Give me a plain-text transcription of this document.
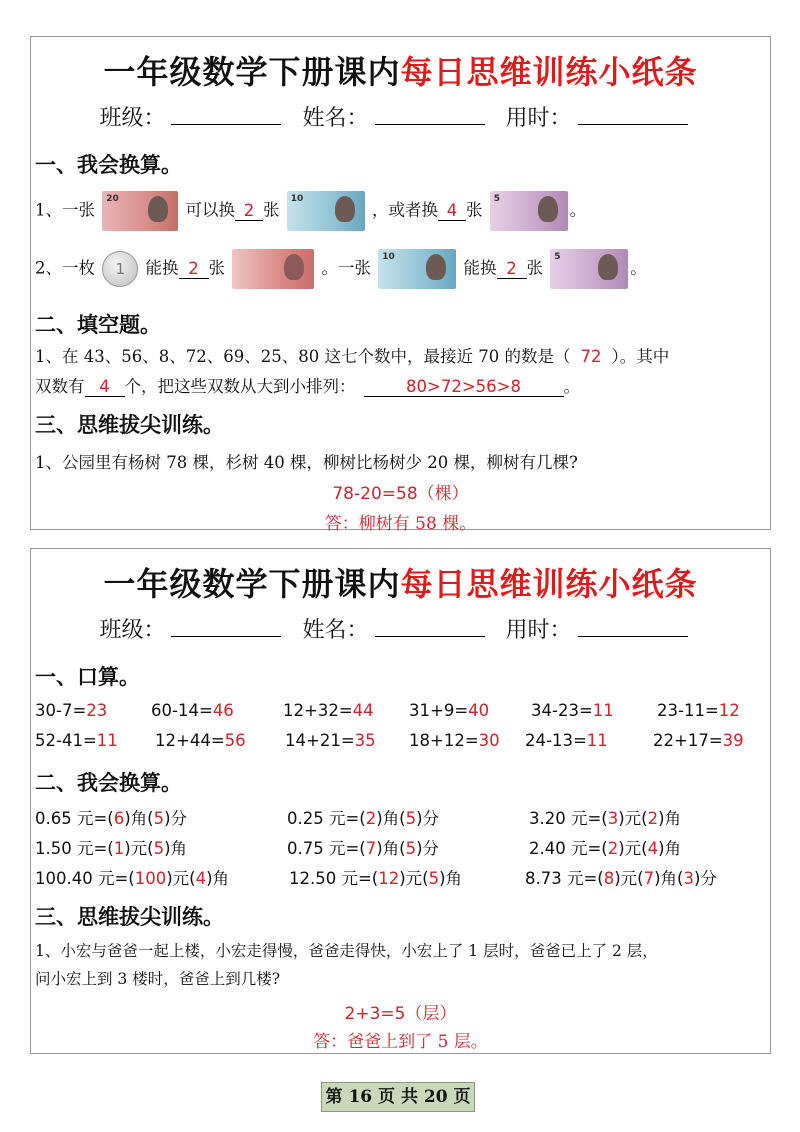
一年级数学下册课内每日思维训练小纸条
班级：	姓名：	用时：
一、我会换算。
1、一张
20
可以换 2 张
10
，或者换 4 张
5
。
2、一枚 1 能换 2 张	。一张
10
能换 2 张
5
。
二、填空题。
1、在 43、56、8、72、69、25、80 这七个数中，最接近 70 的数是（ 72 ）。其中
双数有 4 个，把这些双数从大到小排列：	80>72>56>8	。
三、思维拔尖训练。
1、公园里有杨树 78 棵，杉树 40 棵，柳树比杨树少 20 棵，柳树有几棵?
78-20=58（棵）
答：柳树有 58 棵。
一年级数学下册课内每日思维训练小纸条
班级：	姓名：	用时：
一、口算。
30-7=23	60-14=46	12+32=44 31+9=40	34-23=11	23-11=12
52-41=11 12+44=56 14+21=35 18+12=30 24-13=11	22+17=39
二、我会换算。
0.65 元=(6)角(5)分	0.25 元=(2)角(5)分	3.20 元=(3)元(2)角
1.50 元=(1)元(5)角	0.75 元=(7)角(5)分	2.40 元=(2)元(4)角
100.40 元=(100)元(4)角	12.50 元=(12)元(5)角	8.73 元=(8)元(7)角(3)分
三、思维拔尖训练。
1、小宏与爸爸一起上楼，小宏走得慢，爸爸走得快，小宏上了 1 层时，爸爸已上了 2 层，
问小宏上到 3 楼时，爸爸上到几楼?
2+3=5（层）
答：爸爸上到了 5 层。
第 16 页 共 20 页
